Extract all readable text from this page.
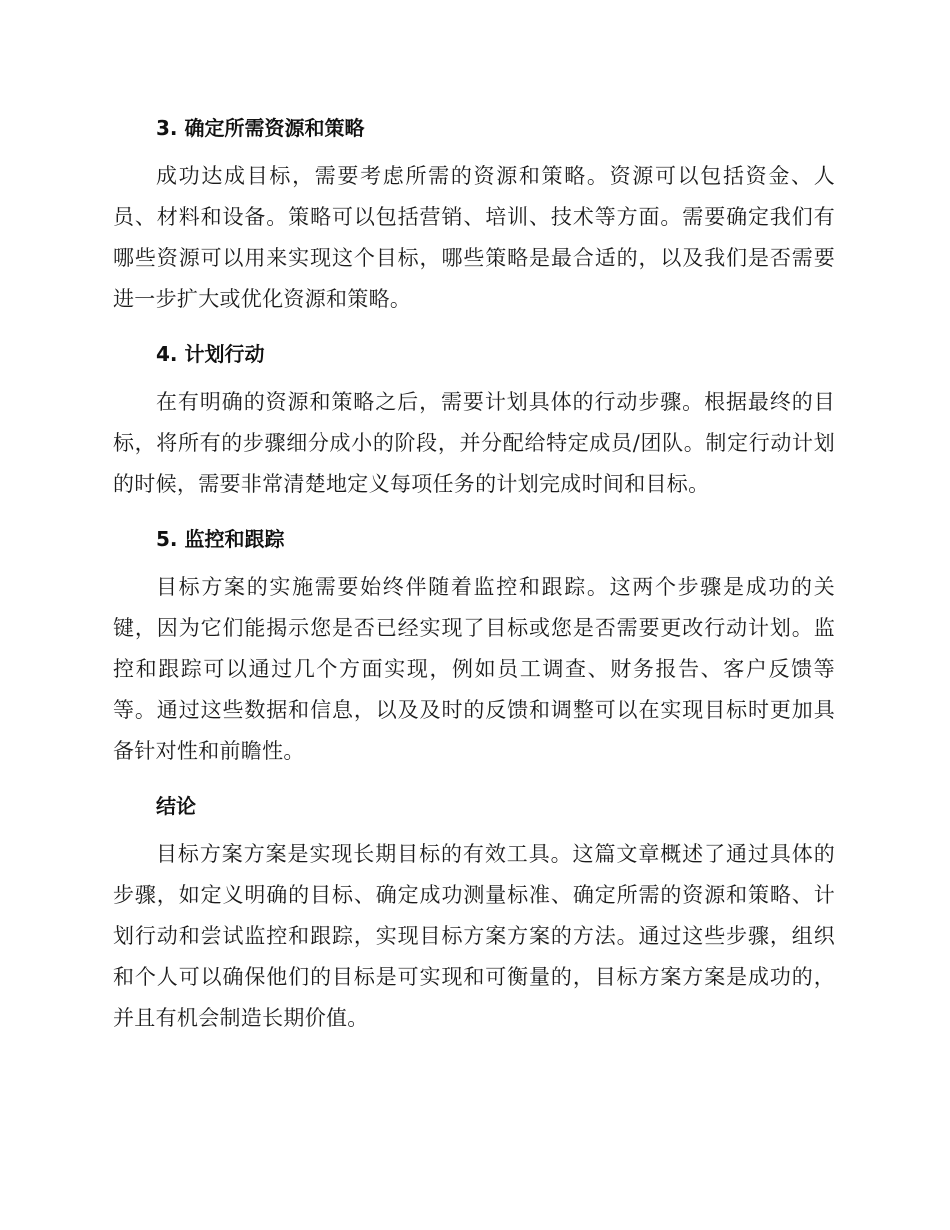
3. 确定所需资源和策略

成功达成目标，需要考虑所需的资源和策略。资源可以包括资金、人员、材料和设备。策略可以包括营销、培训、技术等方面。需要确定我们有哪些资源可以用来实现这个目标，哪些策略是最合适的，以及我们是否需要进一步扩大或优化资源和策略。

4. 计划行动

在有明确的资源和策略之后，需要计划具体的行动步骤。根据最终的目标，将所有的步骤细分成小的阶段，并分配给特定成员/团队。制定行动计划的时候，需要非常清楚地定义每项任务的计划完成时间和目标。

5. 监控和跟踪

目标方案的实施需要始终伴随着监控和跟踪。这两个步骤是成功的关键，因为它们能揭示您是否已经实现了目标或您是否需要更改行动计划。监控和跟踪可以通过几个方面实现，例如员工调查、财务报告、客户反馈等等。通过这些数据和信息，以及及时的反馈和调整可以在实现目标时更加具备针对性和前瞻性。

结论

目标方案方案是实现长期目标的有效工具。这篇文章概述了通过具体的步骤，如定义明确的目标、确定成功测量标准、确定所需的资源和策略、计划行动和尝试监控和跟踪，实现目标方案方案的方法。通过这些步骤，组织和个人可以确保他们的目标是可实现和可衡量的，目标方案方案是成功的，并且有机会制造长期价值。
